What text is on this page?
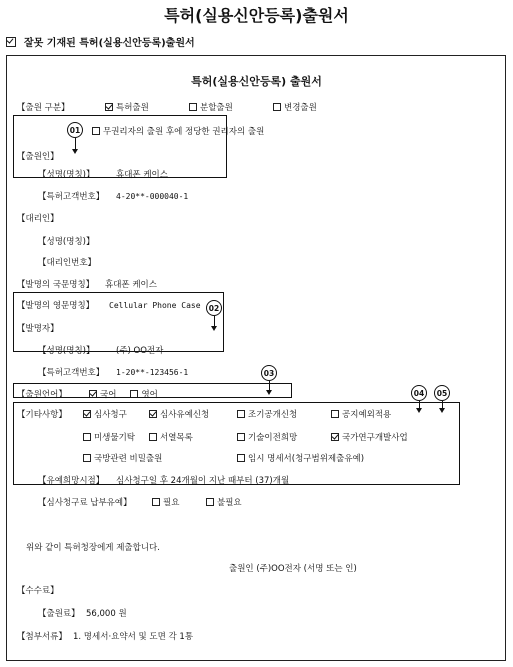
특허(실용신안등록)출원서
잘못 기재된 특허(실용신안등록)출원서
특허(실용신안등록) 출원서
【출원 구분】	특허출원	분할출원	변경출원
무권리자의 출원 후에 정당한 권리자의 출원
【출원인】
【성명(명칭)】	휴대폰 케이스
【특허고객번호】	4-20**-000040-1
【대리인】
【성명(명칭)】
【대리인번호】
【발명의 국문명칭】	휴대폰 케이스
【발명의 영문명칭】	Cellular Phone Case
【발명자】
【성명(명칭)】	(주) OO전자
【특허고객번호】	1-20**-123456-1
【출원언어】	국어	영어
【기타사항】	심사청구	심사유예신청	조기공개신청	공지예외적용
미생물기탁	서열목록	기술이전희망	국가연구개발사업
국방관련 비밀출원	임시 명세서(청구범위제출유예)
【유예희망시점】	심사청구일 후 24개월이 지난 때부터 (37)개월
【심사청구료 납부유예】	필요	불필요
위와 같이 특허청장에게 제출합니다.
출원인 (주)OO전자 (서명 또는 인)
【수수료】
【출원료】 56,000 원
【첨부서류】 1. 명세서·요약서 및 도면 각 1통
01
02
03
04	05
